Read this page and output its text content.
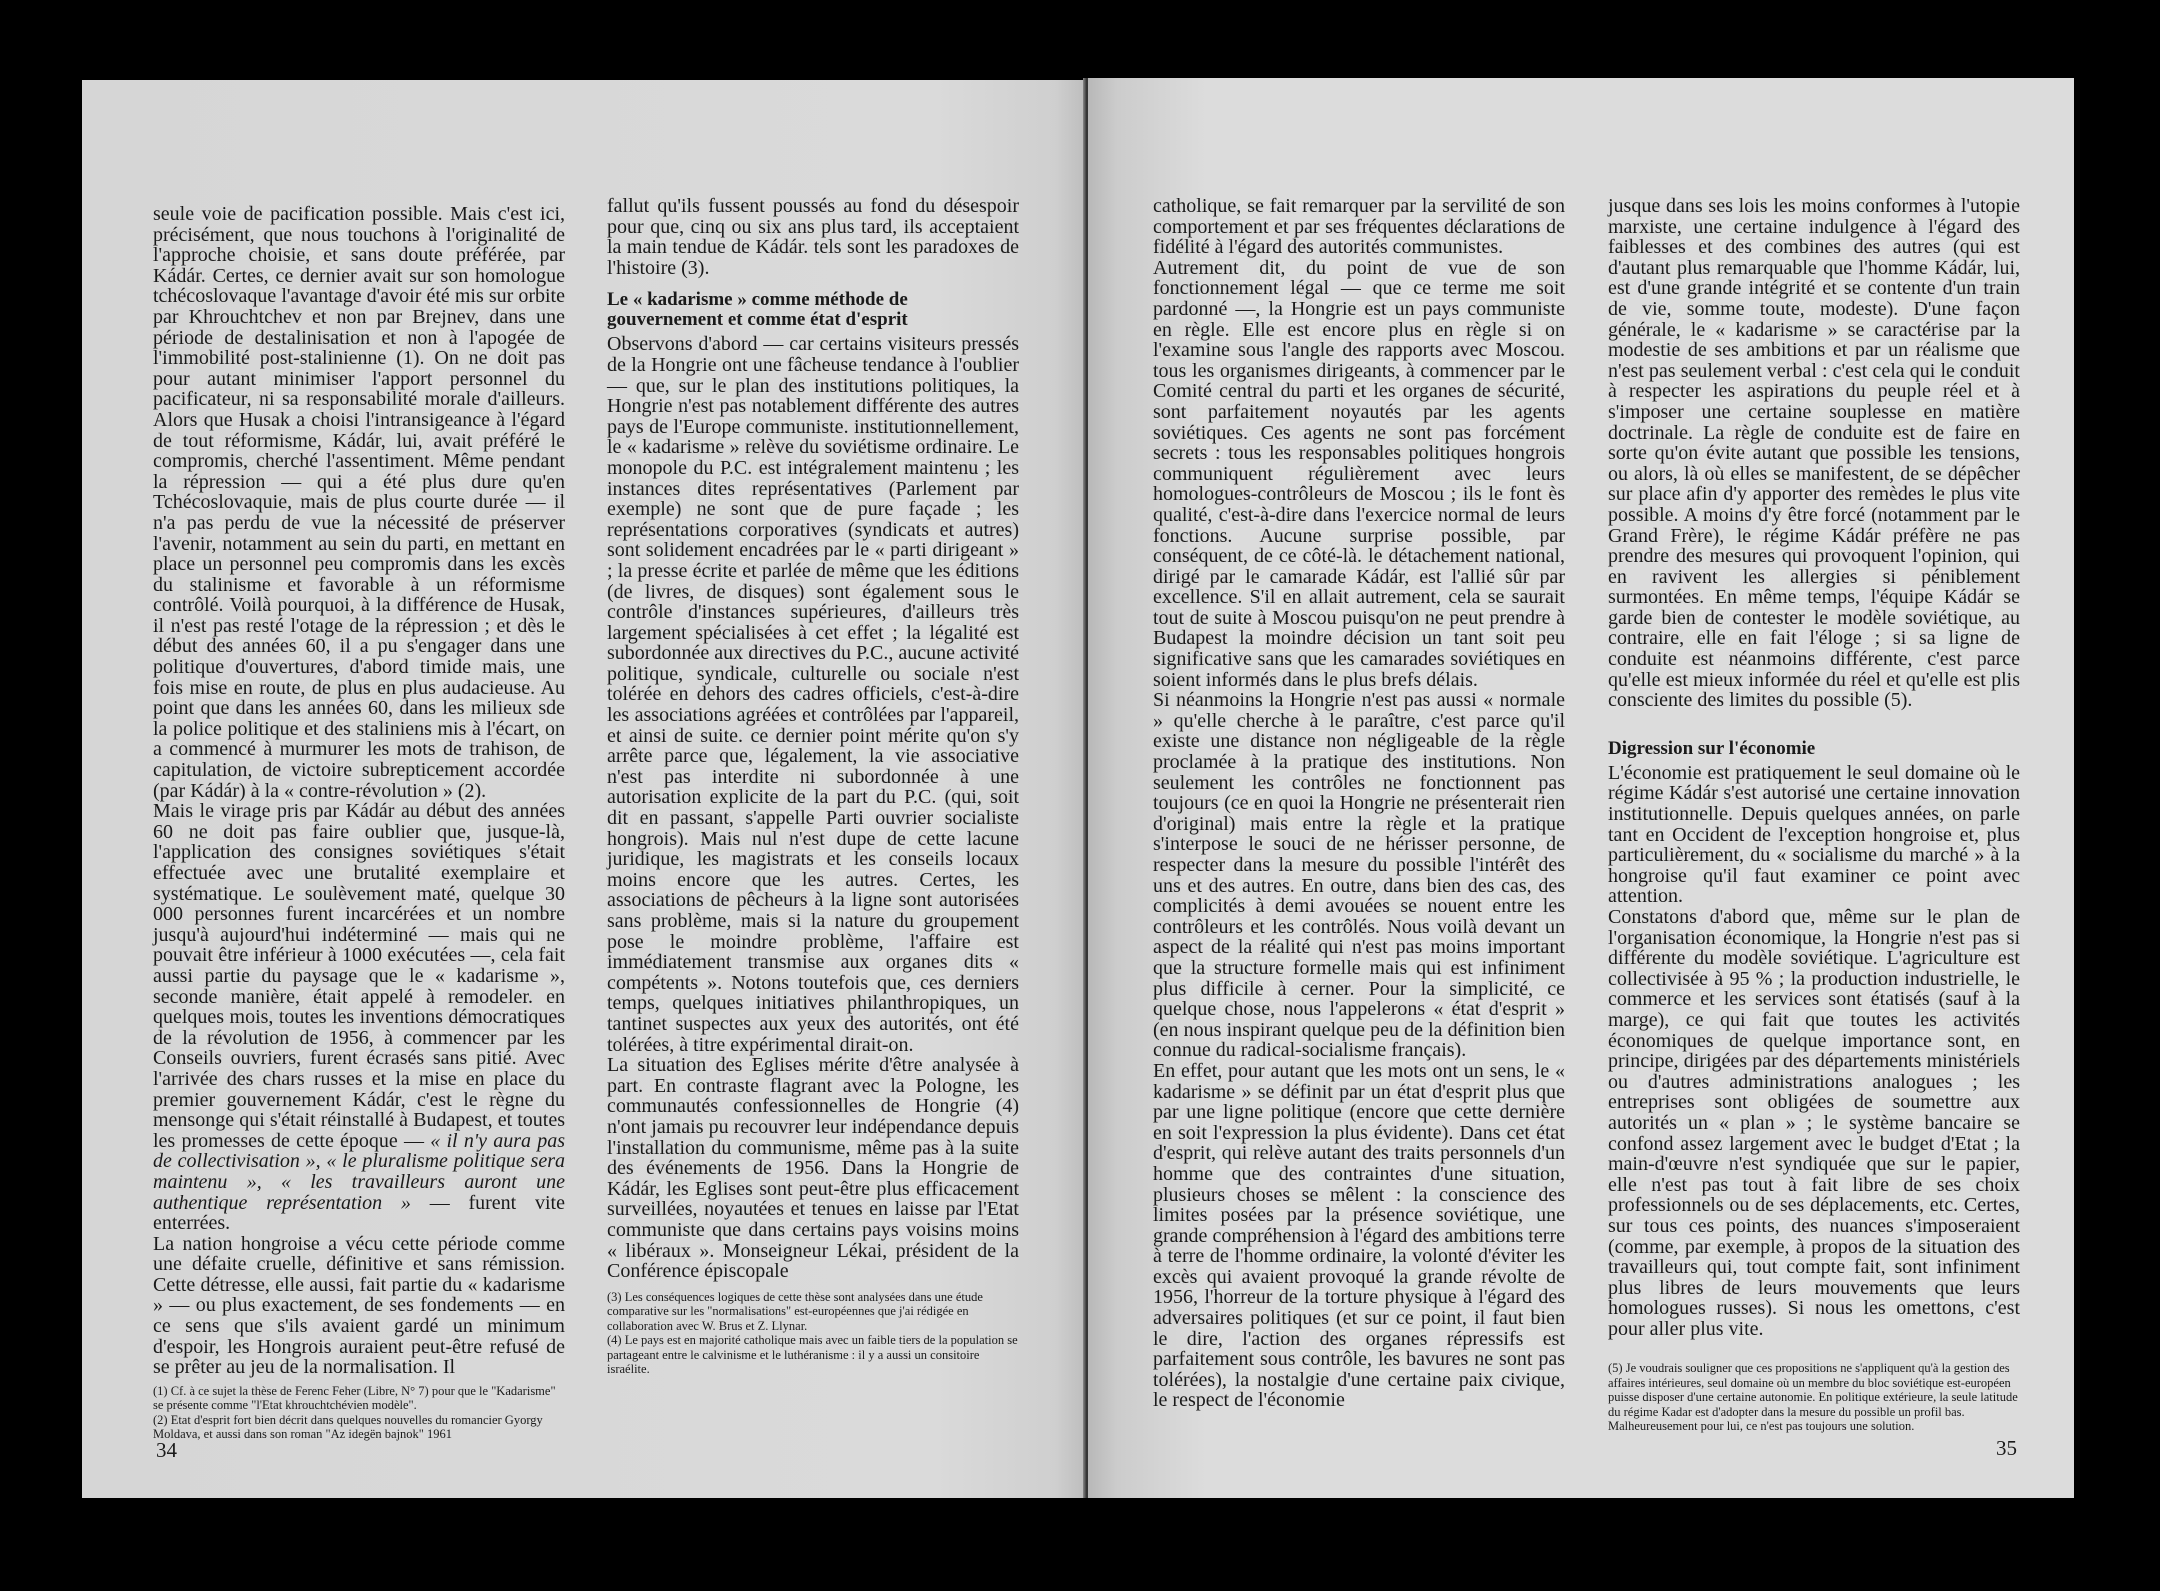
seule voie de pacification possible. Mais c'est ici, précisément, que nous touchons à l'originalité de l'approche choisie, et sans doute préférée, par Kádár. Certes, ce dernier avait sur son homologue tchécoslovaque l'avantage d'avoir été mis sur orbite par Khrouchtchev et non par Brejnev, dans une période de destalinisation et non à l'apogée de l'immobilité post-stalinienne (1). On ne doit pas pour autant minimiser l'apport personnel du pacificateur, ni sa responsabilité morale d'ailleurs. Alors que Husak a choisi l'intransigeance à l'égard de tout réformisme, Kádár, lui, avait préféré le compromis, cherché l'assentiment. Même pendant la répression — qui a été plus dure qu'en Tchécoslovaquie, mais de plus courte durée — il n'a pas perdu de vue la nécessité de préserver l'avenir, notamment au sein du parti, en mettant en place un personnel peu compromis dans les excès du stalinisme et favorable à un réformisme contrôlé. Voilà pourquoi, à la différence de Husak, il n'est pas resté l'otage de la répression ; et dès le début des années 60, il a pu s'engager dans une politique d'ouvertures, d'abord timide mais, une fois mise en route, de plus en plus audacieuse. Au point que dans les années 60, dans les milieux sde la police politique et des staliniens mis à l'écart, on a commencé à murmurer les mots de trahison, de capitulation, de victoire subrepticement accordée (par Kádár) à la « contre-révolution » (2).

Mais le virage pris par Kádár au début des années 60 ne doit pas faire oublier que, jusque-là, l'application des consignes soviétiques s'était effectuée avec une brutalité exemplaire et systématique. Le soulèvement maté, quelque 30 000 personnes furent incarcérées et un nombre jusqu'à aujourd'hui indéterminé — mais qui ne pouvait être inférieur à 1000 exécutées —, cela fait aussi partie du paysage que le « kadarisme », seconde manière, était appelé à remodeler. en quelques mois, toutes les inventions démocratiques de la révolution de 1956, à commencer par les Conseils ouvriers, furent écrasés sans pitié. Avec l'arrivée des chars russes et la mise en place du premier gouvernement Kádár, c'est le règne du mensonge qui s'était réinstallé à Budapest, et toutes les promesses de cette époque — « il n'y aura pas de collectivisation », « le pluralisme politique sera maintenu », « les travailleurs auront une authentique représentation » — furent vite enterrées.

La nation hongroise a vécu cette période comme une défaite cruelle, définitive et sans rémission. Cette détresse, elle aussi, fait partie du « kadarisme » — ou plus exactement, de ses fondements — en ce sens que s'ils avaient gardé un minimum d'espoir, les Hongrois auraient peut-être refusé de se prêter au jeu de la normalisation. Il

(1) Cf. à ce sujet la thèse de Ferenc Feher (Libre, N° 7) pour que le "Kadarisme" se présente comme "l'Etat khrouchtchévien modèle".

(2) Etat d'esprit fort bien décrit dans quelques nouvelles du romancier Gyorgy Moldava, et aussi dans son roman "Az idegën bajnok" 1961

fallut qu'ils fussent poussés au fond du désespoir pour que, cinq ou six ans plus tard, ils acceptaient la main tendue de Kádár. tels sont les paradoxes de l'histoire (3).

Le « kadarisme » comme méthode de gouvernement et comme état d'esprit

Observons d'abord — car certains visiteurs pressés de la Hongrie ont une fâcheuse tendance à l'oublier — que, sur le plan des institutions politiques, la Hongrie n'est pas notablement différente des autres pays de l'Europe communiste. institutionnellement, le « kadarisme » relève du soviétisme ordinaire. Le monopole du P.C. est intégralement maintenu ; les instances dites représentatives (Parlement par exemple) ne sont que de pure façade ; les représentations corporatives (syndicats et autres) sont solidement encadrées par le « parti dirigeant » ; la presse écrite et parlée de même que les éditions (de livres, de disques) sont également sous le contrôle d'instances supérieures, d'ailleurs très largement spécialisées à cet effet ; la légalité est subordonnée aux directives du P.C., aucune activité politique, syndicale, culturelle ou sociale n'est tolérée en dehors des cadres officiels, c'est-à-dire les associations agréées et contrôlées par l'appareil, et ainsi de suite. ce dernier point mérite qu'on s'y arrête parce que, légalement, la vie associative n'est pas interdite ni subordonnée à une autorisation explicite de la part du P.C. (qui, soit dit en passant, s'appelle Parti ouvrier socialiste hongrois). Mais nul n'est dupe de cette lacune juridique, les magistrats et les conseils locaux moins encore que les autres. Certes, les associations de pêcheurs à la ligne sont autorisées sans problème, mais si la nature du groupement pose le moindre problème, l'affaire est immédiatement transmise aux organes dits « compétents ». Notons toutefois que, ces derniers temps, quelques initiatives philanthropiques, un tantinet suspectes aux yeux des autorités, ont été tolérées, à titre expérimental dirait-on.

La situation des Eglises mérite d'être analysée à part. En contraste flagrant avec la Pologne, les communautés confessionnelles de Hongrie (4) n'ont jamais pu recouvrer leur indépendance depuis l'installation du communisme, même pas à la suite des événements de 1956. Dans la Hongrie de Kádár, les Eglises sont peut-être plus efficacement surveillées, noyautées et tenues en laisse par l'Etat communiste que dans certains pays voisins moins « libéraux ». Monseigneur Lékai, président de la Conférence épiscopale

(3) Les conséquences logiques de cette thèse sont analysées dans une étude comparative sur les "normalisations" est-européennes que j'ai rédigée en collaboration avec W. Brus et Z. Llynar.

(4) Le pays est en majorité catholique mais avec un faible tiers de la population se partageant entre le calvinisme et le luthéranisme : il y a aussi un consitoire israélite.

34

catholique, se fait remarquer par la servilité de son comportement et par ses fréquentes déclarations de fidélité à l'égard des autorités communistes.

Autrement dit, du point de vue de son fonctionnement légal — que ce terme me soit pardonné —, la Hongrie est un pays communiste en règle. Elle est encore plus en règle si on l'examine sous l'angle des rapports avec Moscou. tous les organismes dirigeants, à commencer par le Comité central du parti et les organes de sécurité, sont parfaitement noyautés par les agents soviétiques. Ces agents ne sont pas forcément secrets : tous les responsables politiques hongrois communiquent régulièrement avec leurs homologues-contrôleurs de Moscou ; ils le font ès qualité, c'est-à-dire dans l'exercice normal de leurs fonctions. Aucune surprise possible, par conséquent, de ce côté-là. le détachement national, dirigé par le camarade Kádár, est l'allié sûr par excellence. S'il en allait autrement, cela se saurait tout de suite à Moscou puisqu'on ne peut prendre à Budapest la moindre décision un tant soit peu significative sans que les camarades soviétiques en soient informés dans le plus brefs délais.

Si néanmoins la Hongrie n'est pas aussi « normale » qu'elle cherche à le paraître, c'est parce qu'il existe une distance non négligeable de la règle proclamée à la pratique des institutions. Non seulement les contrôles ne fonctionnent pas toujours (ce en quoi la Hongrie ne présenterait rien d'original) mais entre la règle et la pratique s'interpose le souci de ne hérisser personne, de respecter dans la mesure du possible l'intérêt des uns et des autres. En outre, dans bien des cas, des complicités à demi avouées se nouent entre les contrôleurs et les contrôlés. Nous voilà devant un aspect de la réalité qui n'est pas moins important que la structure formelle mais qui est infiniment plus difficile à cerner. Pour la simplicité, ce quelque chose, nous l'appelerons « état d'esprit » (en nous inspirant quelque peu de la définition bien connue du radical-socialisme français).

En effet, pour autant que les mots ont un sens, le « kadarisme » se définit par un état d'esprit plus que par une ligne politique (encore que cette dernière en soit l'expression la plus évidente). Dans cet état d'esprit, qui relève autant des traits personnels d'un homme que des contraintes d'une situation, plusieurs choses se mêlent : la conscience des limites posées par la présence soviétique, une grande compréhension à l'égard des ambitions terre à terre de l'homme ordinaire, la volonté d'éviter les excès qui avaient provoqué la grande révolte de 1956, l'horreur de la torture physique à l'égard des adversaires politiques (et sur ce point, il faut bien le dire, l'action des organes répressifs est parfaitement sous contrôle, les bavures ne sont pas tolérées), la nostalgie d'une certaine paix civique, le respect de l'économie

jusque dans ses lois les moins conformes à l'utopie marxiste, une certaine indulgence à l'égard des faiblesses et des combines des autres (qui est d'autant plus remarquable que l'homme Kádár, lui, est d'une grande intégrité et se contente d'un train de vie, somme toute, modeste). D'une façon générale, le « kadarisme » se caractérise par la modestie de ses ambitions et par un réalisme que n'est pas seulement verbal : c'est cela qui le conduit à respecter les aspirations du peuple réel et à s'imposer une certaine souplesse en matière doctrinale. La règle de conduite est de faire en sorte qu'on évite autant que possible les tensions, ou alors, là où elles se manifestent, de se dépêcher sur place afin d'y apporter des remèdes le plus vite possible. A moins d'y être forcé (notamment par le Grand Frère), le régime Kádár préfère ne pas prendre des mesures qui provoquent l'opinion, qui en ravivent les allergies si péniblement surmontées. En même temps, l'équipe Kádár se garde bien de contester le modèle soviétique, au contraire, elle en fait l'éloge ; si sa ligne de conduite est néanmoins différente, c'est parce qu'elle est mieux informée du réel et qu'elle est plis consciente des limites du possible (5).

Digression sur l'économie

L'économie est pratiquement le seul domaine où le régime Kádár s'est autorisé une certaine innovation institutionnelle. Depuis quelques années, on parle tant en Occident de l'exception hongroise et, plus particulièrement, du « socialisme du marché » à la hongroise qu'il faut examiner ce point avec attention.

Constatons d'abord que, même sur le plan de l'organisation économique, la Hongrie n'est pas si différente du modèle soviétique. L'agriculture est collectivisée à 95 % ; la production industrielle, le commerce et les services sont étatisés (sauf à la marge), ce qui fait que toutes les activités économiques de quelque importance sont, en principe, dirigées par des départements ministériels ou d'autres administrations analogues ; les entreprises sont obligées de soumettre aux autorités un « plan » ; le système bancaire se confond assez largement avec le budget d'Etat ; la main-d'œuvre n'est syndiquée que sur le papier, elle n'est pas tout à fait libre de ses choix professionnels ou de ses déplacements, etc. Certes, sur tous ces points, des nuances s'imposeraient (comme, par exemple, à propos de la situation des travailleurs qui, tout compte fait, sont infiniment plus libres de leurs mouvements que leurs homologues russes). Si nous les omettons, c'est pour aller plus vite.

(5) Je voudrais souligner que ces propositions ne s'appliquent qu'à la gestion des affaires intérieures, seul domaine où un membre du bloc soviétique est-européen puisse disposer d'une certaine autonomie. En politique extérieure, la seule latitude du régime Kadar est d'adopter dans la mesure du possible un profil bas. Malheureusement pour lui, ce n'est pas toujours une solution.

35
